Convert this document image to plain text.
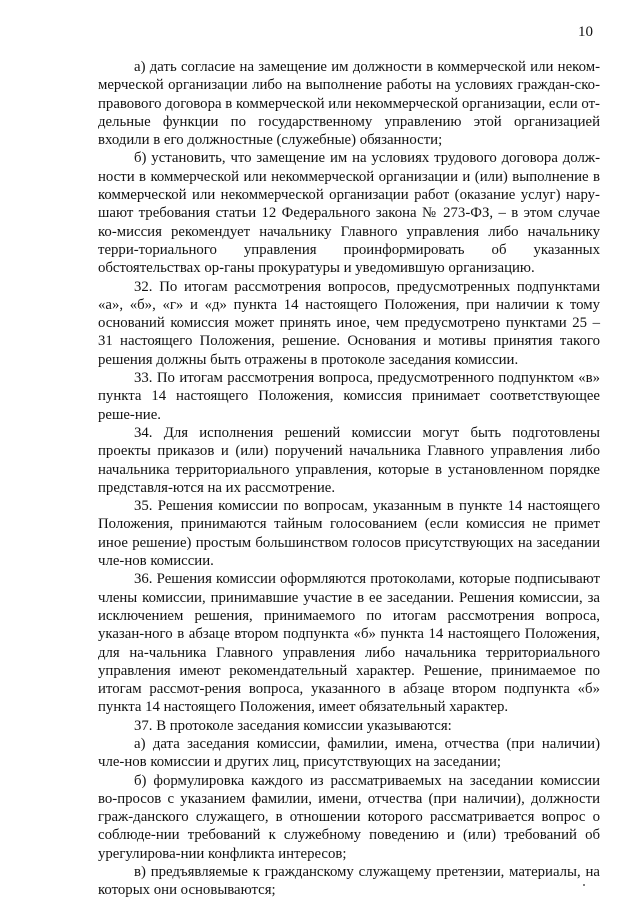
10

а) дать согласие на замещение им должности в коммерческой или неком-мерческой организации либо на выполнение работы на условиях граждан-ско-правового договора в коммерческой или некоммерческой организации, если от-дельные функции по государственному управлению этой организацией входили в его должностные (служебные) обязанности;

б) установить, что замещение им на условиях трудового договора долж-ности в коммерческой или некоммерческой организации и (или) выполнение в коммерческой или некоммерческой организации работ (оказание услуг) нару-шают требования статьи 12 Федерального закона № 273-ФЗ, – в этом случае ко-миссия рекомендует начальнику Главного управления либо начальнику терри-ториального управления проинформировать об указанных обстоятельствах ор-ганы прокуратуры и уведомившую организацию.

32. По итогам рассмотрения вопросов, предусмотренных подпунктами «а», «б», «г» и «д» пункта 14 настоящего Положения, при наличии к тому оснований комиссия может принять иное, чем предусмотрено пунктами 25 – 31 настоящего Положения, решение. Основания и мотивы принятия такого решения должны быть отражены в протоколе заседания комиссии.

33. По итогам рассмотрения вопроса, предусмотренного подпунктом «в» пункта 14 настоящего Положения, комиссия принимает соответствующее реше-ние.

34. Для исполнения решений комиссии могут быть подготовлены проекты приказов и (или) поручений начальника Главного управления либо начальника территориального управления, которые в установленном порядке представля-ются на их рассмотрение.

35. Решения комиссии по вопросам, указанным в пункте 14 настоящего Положения, принимаются тайным голосованием (если комиссия не примет иное решение) простым большинством голосов присутствующих на заседании чле-нов комиссии.

36. Решения комиссии оформляются протоколами, которые подписывают члены комиссии, принимавшие участие в ее заседании. Решения комиссии, за исключением решения, принимаемого по итогам рассмотрения вопроса, указан-ного в абзаце втором подпункта «б» пункта 14 настоящего Положения, для на-чальника Главного управления либо начальника территориального управления имеют рекомендательный характер. Решение, принимаемое по итогам рассмот-рения вопроса, указанного в абзаце втором подпункта «б» пункта 14 настоящего Положения, имеет обязательный характер.

37. В протоколе заседания комиссии указываются:

а) дата заседания комиссии, фамилии, имена, отчества (при наличии) чле-нов комиссии и других лиц, присутствующих на заседании;

б) формулировка каждого из рассматриваемых на заседании комиссии во-просов с указанием фамилии, имени, отчества (при наличии), должности граж-данского служащего, в отношении которого рассматривается вопрос о соблюде-нии требований к служебному поведению и (или) требований об урегулирова-нии конфликта интересов;

в) предъявляемые к гражданскому служащему претензии, материалы, на которых они основываются;
